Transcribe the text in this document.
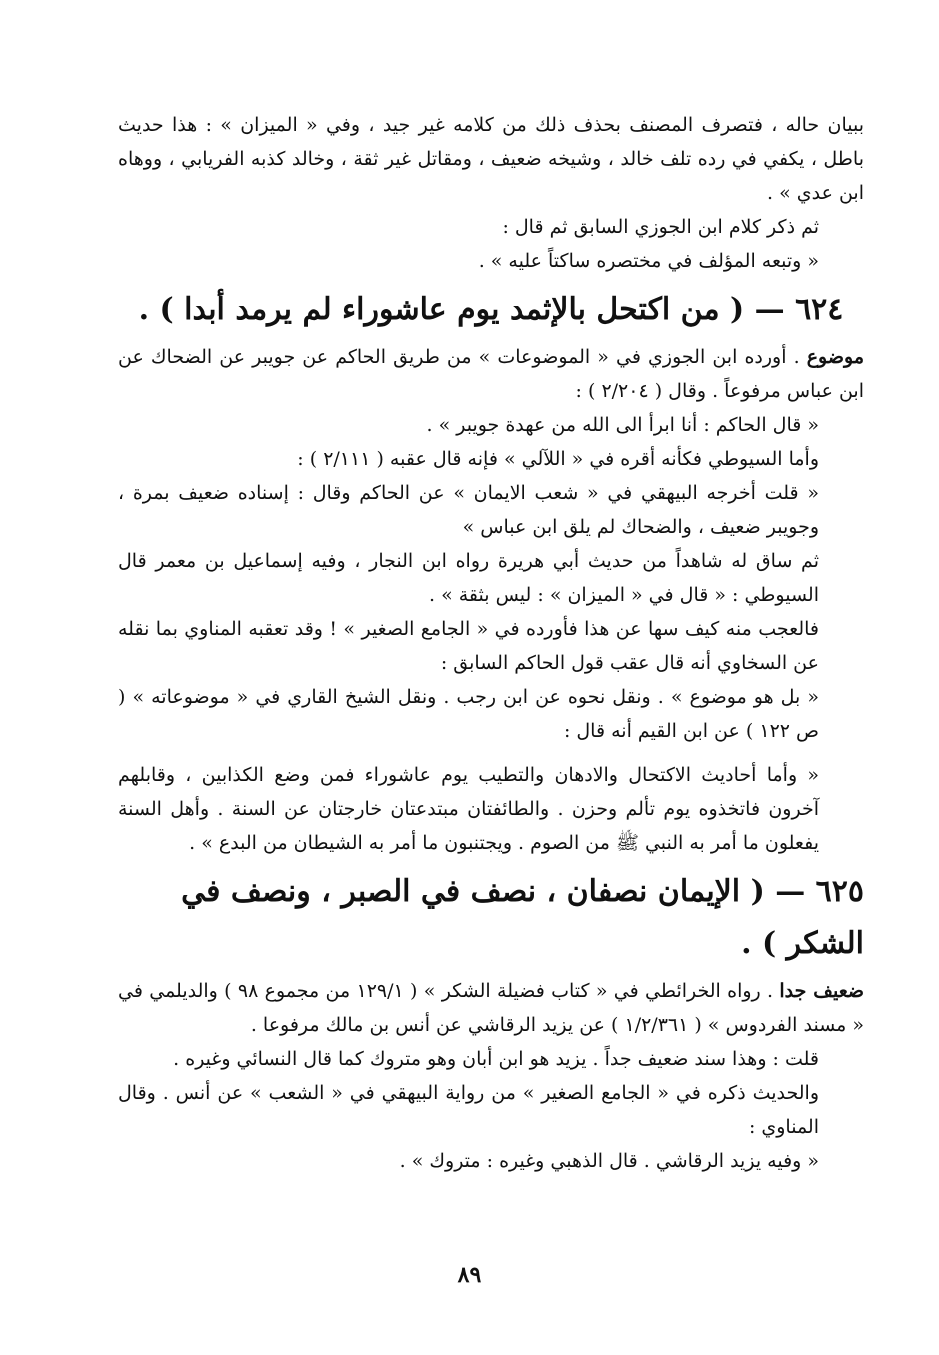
ببيان حاله ، فتصرف المصنف بحذف ذلك من كلامه غير جيد ، وفي « الميزان » : هذا حديث باطل ، يكفي في رده تلف خالد ، وشيخه ضعيف ، ومقاتل غير ثقة ، وخالد كذبه الفريابي ، ووهاه ابن عدي » .

ثم ذكر كلام ابن الجوزي السابق ثم قال :

« وتبعه المؤلف في مختصره ساكتاً عليه » .

٦٢٤ — ( من اكتحل بالإثمد يوم عاشوراء لم يرمد أبدا ) .

موضوع . أورده ابن الجوزي في « الموضوعات » من طريق الحاكم عن جويبر عن الضحاك عن ابن عباس مرفوعاً . وقال ( ٢/٢٠٤ ) :

« قال الحاكم : أنا ابرأ الى الله من عهدة جويبر » .

وأما السيوطي فكأنه أقره في « اللآلي » فإنه قال عقبه ( ٢/١١١ ) :

« قلت أخرجه البيهقي في « شعب الايمان » عن الحاكم وقال : إسناده ضعيف بمرة ، وجويبر ضعيف ، والضحاك لم يلق ابن عباس »

ثم ساق له شاهداً من حديث أبي هريرة رواه ابن النجار ، وفيه إسماعيل بن معمر قال السيوطي : « قال في « الميزان » : ليس بثقة » .

فالعجب منه كيف سها عن هذا فأورده في « الجامع الصغير » ! وقد تعقبه المناوي بما نقله عن السخاوي أنه قال عقب قول الحاكم السابق :

« بل هو موضوع » . ونقل نحوه عن ابن رجب . ونقل الشيخ القاري في « موضوعاته » ( ص ١٢٢ ) عن ابن القيم أنه قال :

« وأما أحاديث الاكتحال والادهان والتطيب يوم عاشوراء فمن وضع الكذابين ، وقابلهم آخرون فاتخذوه يوم تألم وحزن . والطائفتان مبتدعتان خارجتان عن السنة . وأهل السنة يفعلون ما أمر به النبي ﷺ من الصوم . ويجتنبون ما أمر به الشيطان من البدع » .

٦٢٥ — ( الإيمان نصفان ، نصف في الصبر ، ونصف في الشكر ) .

ضعيف جدا . رواه الخرائطي في « كتاب فضيلة الشكر » ( ١٢٩/١ من مجموع ٩٨ ) والديلمي في « مسند الفردوس » ( ١/٢/٣٦١ ) عن يزيد الرقاشي عن أنس بن مالك مرفوعا .

قلت : وهذا سند ضعيف جداً . يزيد هو ابن أبان وهو متروك كما قال النسائي وغيره .

والحديث ذكره في « الجامع الصغير » من رواية البيهقي في « الشعب » عن أنس . وقال المناوي :

« وفيه يزيد الرقاشي . قال الذهبي وغيره : متروك » .

٨٩
